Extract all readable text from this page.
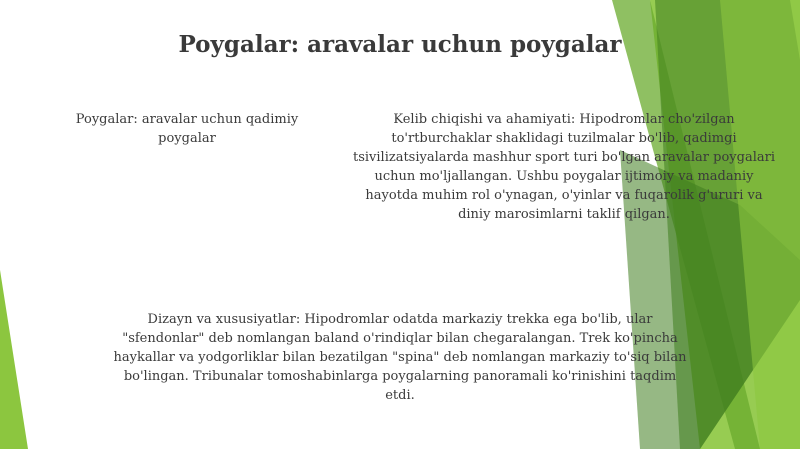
Poygalar: aravalar uchun poygalar
Poygalar: aravalar uchun qadimiy poygalar
Kelib chiqishi va ahamiyati: Hipodromlar cho'zilgan to'rtburchaklar shaklidagi tuzilmalar bo'lib, qadimgi tsivilizatsiyalarda mashhur sport turi bo'lgan aravalar poygalari uchun mo'ljallangan. Ushbu poygalar ijtimoiy va madaniy hayotda muhim rol o'ynagan, o'yinlar va fuqarolik g'ururi va diniy marosimlarni taklif qilgan.
Dizayn va xususiyatlar: Hipodromlar odatda markaziy trekka ega bo'lib, ular "sfendonlar" deb nomlangan baland o'rindiqlar bilan chegaralangan. Trek ko'pincha haykallar va yodgorliklar bilan bezatilgan "spina" deb nomlangan markaziy to'siq bilan bo'lingan. Tribunalar tomoshabinlarga poygalarning panoramali ko'rinishini taqdim etdi.
